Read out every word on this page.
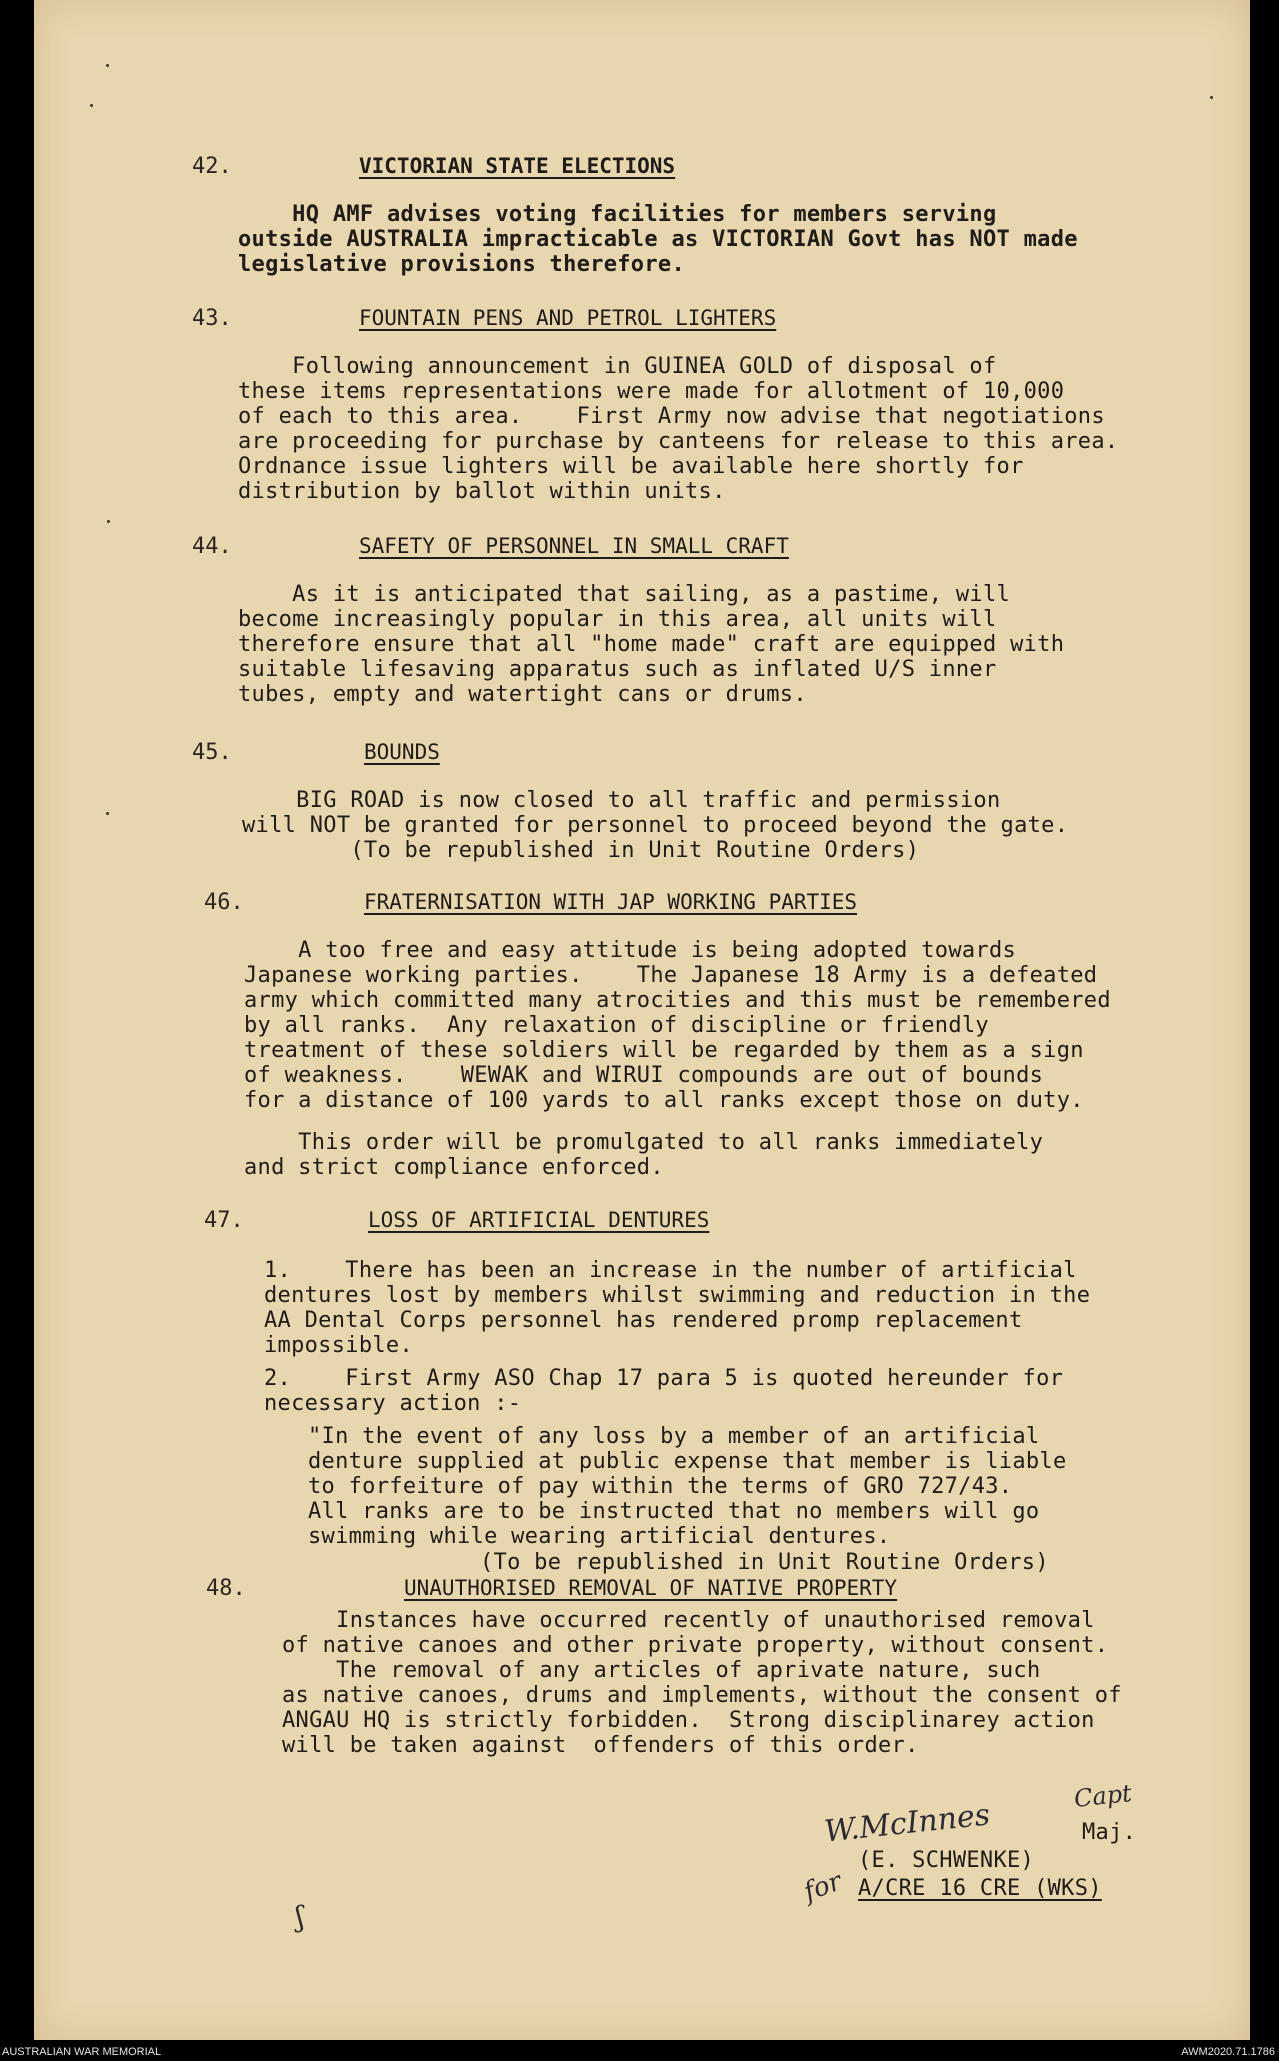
42.	VICTORIAN STATE ELECTIONS
HQ AMF advises voting facilities for members serving
outside AUSTRALIA impracticable as VICTORIAN Govt has NOT made
legislative provisions therefore.
43.	FOUNTAIN PENS AND PETROL LIGHTERS
Following announcement in GUINEA GOLD of disposal of
these items representations were made for allotment of 10,000
of each to this area.    First Army now advise that negotiations
are proceeding for purchase by canteens for release to this area.
Ordnance issue lighters will be available here shortly for
distribution by ballot within units.
44.	SAFETY OF PERSONNEL IN SMALL CRAFT
As it is anticipated that sailing, as a pastime, will
become increasingly popular in this area, all units will
therefore ensure that all "home made" craft are equipped with
suitable lifesaving apparatus such as inflated U/S inner
tubes, empty and watertight cans or drums.
45.	BOUNDS
BIG ROAD is now closed to all traffic and permission
will NOT be granted for personnel to proceed beyond the gate.
(To be republished in Unit Routine Orders)
46.	FRATERNISATION WITH JAP WORKING PARTIES
A too free and easy attitude is being adopted towards
Japanese working parties.    The Japanese 18 Army is a defeated
army which committed many atrocities and this must be remembered
by all ranks.  Any relaxation of discipline or friendly
treatment of these soldiers will be regarded by them as a sign
of weakness.    WEWAK and WIRUI compounds are out of bounds
for a distance of 100 yards to all ranks except those on duty.
This order will be promulgated to all ranks immediately
and strict compliance enforced.
47.	LOSS OF ARTIFICIAL DENTURES
1.    There has been an increase in the number of artificial
dentures lost by members whilst swimming and reduction in the
AA Dental Corps personnel has rendered promp replacement
impossible.
2.    First Army ASO Chap 17 para 5 is quoted hereunder for
necessary action :-
"In the event of any loss by a member of an artificial
denture supplied at public expense that member is liable
to forfeiture of pay within the terms of GRO 727/43.
All ranks are to be instructed that no members will go
swimming while wearing artificial dentures.
(To be republished in Unit Routine Orders)
48.	UNAUTHORISED REMOVAL OF NATIVE PROPERTY
Instances have occurred recently of unauthorised removal
of native canoes and other private property, without consent.
The removal of any articles of aprivate nature, such
as native canoes, drums and implements, without the consent of
ANGAU HQ is strictly forbidden.  Strong disciplinarey action
will be taken against  offenders of this order.
W.McInnes
Capt
for
Maj.
(E. SCHWENKE)
A/CRE 16 CRE (WKS)
ʃ
AUSTRALIAN WAR MEMORIAL	AWM2020.71.1786
